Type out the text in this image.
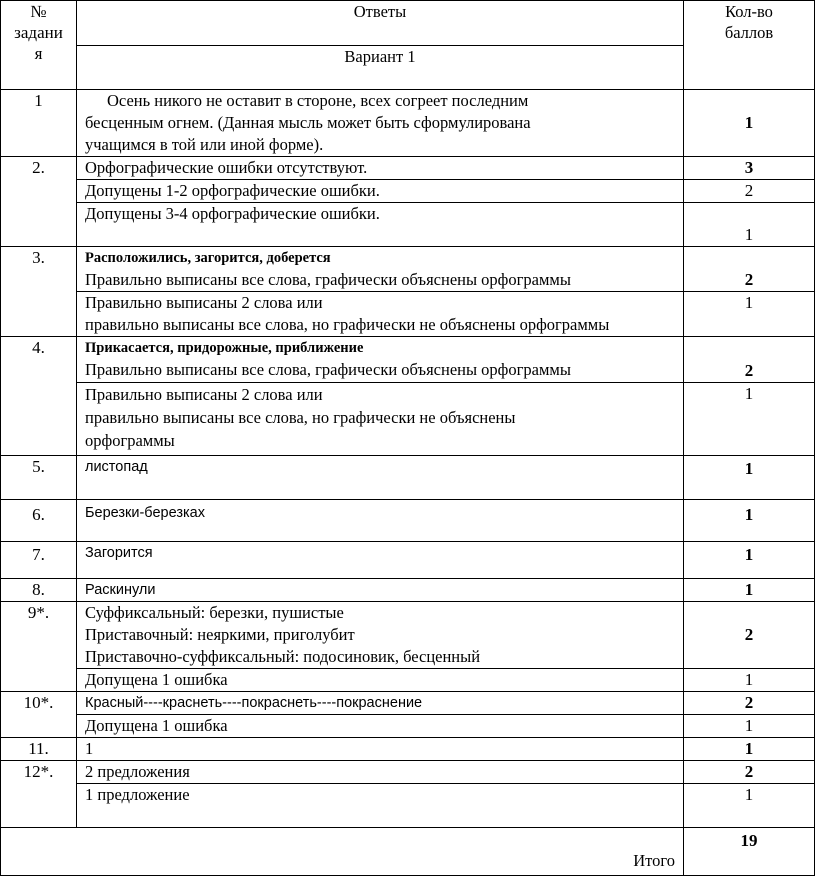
№
задани
я	Ответы	Кол-во
баллов

	Вариант 1	
1	Осень никого не оставит в стороне, всех согреет последним
бесценным огнем. (Данная мысль может быть сформулирована
учащимся в той или иной форме).	1
2.	Орфографические ошибки отсутствуют.	3
	Допущены 1-2 орфографические ошибки.	2
	Допущены 3-4 орфографические ошибки.	1
3.	Расположились, загорится, доберется
Правильно выписаны все слова, графически объяснены орфограммы	2

	Правильно выписаны 2 слова или
правильно выписаны все слова, но графически не объяснены орфограммы	1
4.	Прикасается, придорожные, приближение
Правильно выписаны все слова, графически объяснены орфограммы	2

	Правильно выписаны 2 слова или
правильно выписаны все слова, но графически не объяснены
орфограммы	1
5.	листопад	1
6.	Березки-березках	1
7.	Загорится	1
8.	Раскинули	1
9*.	Суффиксальный: березки, пушистые
Приставочный: неяркими, приголубит
Приставочно-суффиксальный: подосиновик, бесценный	2
	Допущена 1 ошибка	1
10*.	Красный----краснеть----покраснеть----покраснение	2
	Допущена 1 ошибка	1
11.	1	1
12*.	2 предложения	2
	1 предложение	1
Итого		19
